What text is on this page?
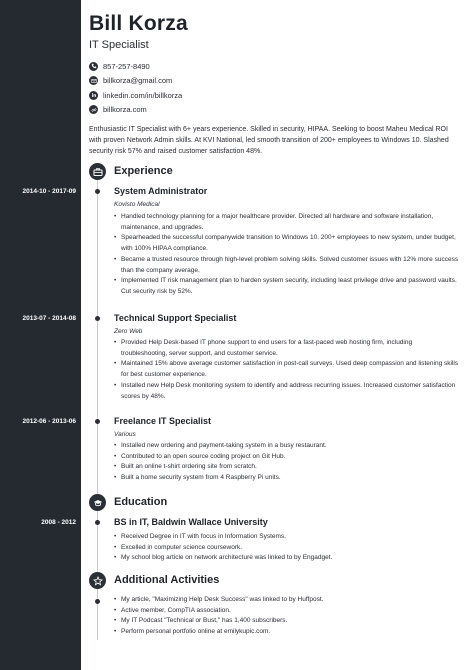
Bill Korza
IT Specialist
857-257-8490
billkorza@gmail.com
linkedin.com/in/billkorza
billkorza.com
Enthusiastic IT Specialist with 6+ years experience. Skilled in security, HIPAA. Seeking to boost Maheu Medical ROI with proven Network Admin skills. At KVI National, led smooth transition of 200+ employees to Windows 10. Slashed security risk 57% and raised customer satisfaction 48%.
Experience
2014-10 - 2017-09	System Administrator
Kovisto Medical
• Handled technology planning for a major healthcare provider. Directed all hardware and software installation, maintenance, and upgrades.
• Spearheaded the successful companywide transition to Windows 10. 200+ employees to new system, under budget, with 100% HIPAA compliance.
• Became a trusted resource through high-level problem solving skills. Solved customer issues with 12% more success than the company average.
• Implemented IT risk management plan to harden system security, including least privilege drive and password vaults. Cut security risk by 52%.
2013-07 - 2014-08	Technical Support Specialist
Zero Web
• Provided Help Desk-based IT phone support to end users for a fast-paced web hosting firm, including troubleshooting, server support, and customer service.
• Maintained 15% above average customer satisfaction in post-call surveys. Used deep compassion and listening skills for best customer experience.
• Installed new Help Desk monitoring system to identify and address recurring issues. Increased customer satisfaction scores by 48%.
2012-06 - 2013-06	Freelance IT Specialist
Various
• Installed new ordering and payment-taking system in a busy restaurant.
• Contributed to an open source coding project on Git Hub.
• Built an online t-shirt ordering site from scratch.
• Built a home security system from 4 Raspberry Pi units.
Education
2008 - 2012	BS in IT, Baldwin Wallace University
• Received Degree in IT with focus in Information Systems.
• Excelled in computer science coursework.
• My school blog article on network architecture was linked to by Engadget.
Additional Activities
• My article, "Maximizing Help Desk Success" was linked to by Huffpost.
• Active member, CompTIA association.
• My IT Podcast "Technical or Bust," has 1,400 subscribers.
• Perform personal portfolio online at emilykupic.com.
